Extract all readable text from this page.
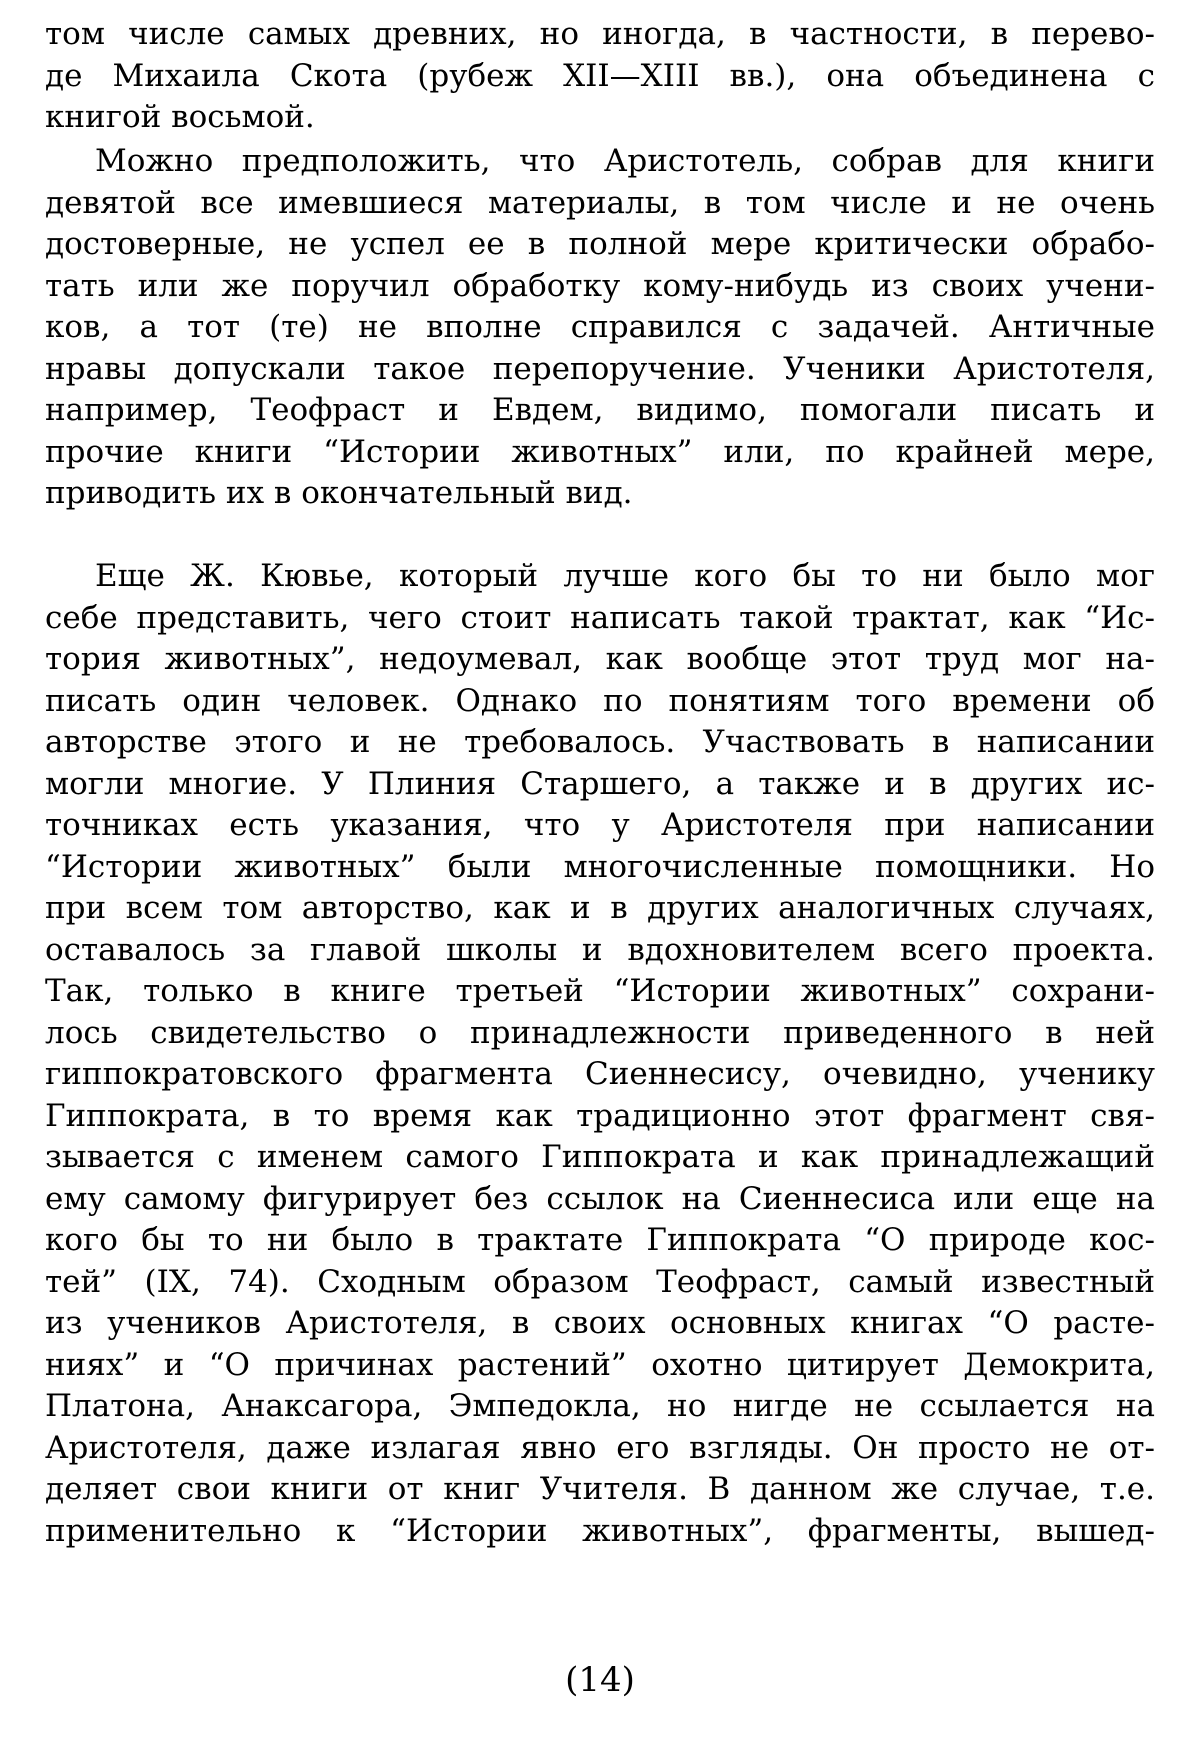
том числе самых древних, но иногда, в частности, в перево-
де Михаила Скота (рубеж XII—XIII вв.), она объединена с
книгой восьмой.
Можно предположить, что Аристотель, собрав для книги
девятой все имевшиеся материалы, в том числе и не очень
достоверные, не успел ее в полной мере критически обрабо-
тать или же поручил обработку кому-нибудь из своих учени-
ков, а тот (те) не вполне справился с задачей. Античные
нравы допускали такое перепоручение. Ученики Аристотеля,
например, Теофраст и Евдем, видимо, помогали писать и
прочие книги “Истории животных” или, по крайней мере,
приводить их в окончательный вид.
Еще Ж. Кювье, который лучше кого бы то ни было мог
себе представить, чего стоит написать такой трактат, как “Ис-
тория животных”, недоумевал, как вообще этот труд мог на-
писать один человек. Однако по понятиям того времени об
авторстве этого и не требовалось. Участвовать в написании
могли многие. У Плиния Старшего, а также и в других ис-
точниках есть указания, что у Аристотеля при написании
“Истории животных” были многочисленные помощники. Но
при всем том авторство, как и в других аналогичных случаях,
оставалось за главой школы и вдохновителем всего проекта.
Так, только в книге третьей “Истории животных” сохрани-
лось свидетельство о принадлежности приведенного в ней
гиппократовского фрагмента Сиеннесису, очевидно, ученику
Гиппократа, в то время как традиционно этот фрагмент свя-
зывается с именем самого Гиппократа и как принадлежащий
ему самому фигурирует без ссылок на Сиеннесиса или еще на
кого бы то ни было в трактате Гиппократа “О природе кос-
тей” (IX, 74). Сходным образом Теофраст, самый известный
из учеников Аристотеля, в своих основных книгах “О расте-
ниях” и “О причинах растений” охотно цитирует Демокрита,
Платона, Анаксагора, Эмпедокла, но нигде не ссылается на
Аристотеля, даже излагая явно его взгляды. Он просто не от-
деляет свои книги от книг Учителя. В данном же случае, т.е.
применительно к “Истории животных”, фрагменты, вышед-
(14)
